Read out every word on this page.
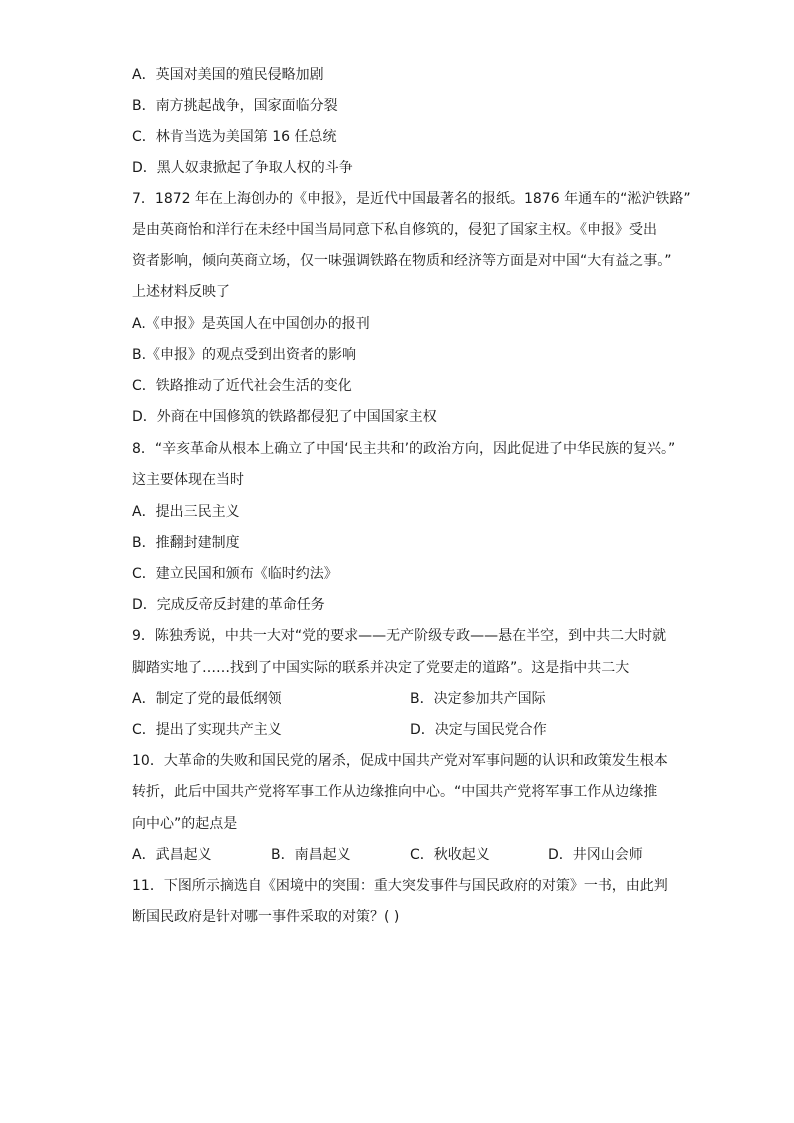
A．英国对美国的殖民侵略加剧
B．南方挑起战争，国家面临分裂
C．林肯当选为美国第 16 任总统
D．黑人奴隶掀起了争取人权的斗争
7．1872 年在上海创办的《申报》，是近代中国最著名的报纸。1876 年通车的“淞沪铁路”
是由英商怡和洋行在未经中国当局同意下私自修筑的，侵犯了国家主权。《申报》受出
资者影响，倾向英商立场，仅一味强调铁路在物质和经济等方面是对中国“大有益之事。”
上述材料反映了
A.《申报》是英国人在中国创办的报刊
B.《申报》的观点受到出资者的影响
C．铁路推动了近代社会生活的变化
D．外商在中国修筑的铁路都侵犯了中国国家主权
8．“辛亥革命从根本上确立了中国‘民主共和’的政治方向，因此促进了中华民族的复兴。”
这主要体现在当时
A．提出三民主义
B．推翻封建制度
C．建立民国和颁布《临时约法》
D．完成反帝反封建的革命任务
9．陈独秀说，中共一大对“党的要求——无产阶级专政——悬在半空，到中共二大时就
脚踏实地了……找到了中国实际的联系并决定了党要走的道路”。这是指中共二大
A．制定了党的最低纲领	B．决定参加共产国际
C．提出了实现共产主义	D．决定与国民党合作
10．大革命的失败和国民党的屠杀，促成中国共产党对军事问题的认识和政策发生根本
转折，此后中国共产党将军事工作从边缘推向中心。“中国共产党将军事工作从边缘推
向中心”的起点是
A．武昌起义	B．南昌起义	C．秋收起义	D．井冈山会师
11．下图所示摘选自《困境中的突围：重大突发事件与国民政府的对策》一书，由此判
断国民政府是针对哪一事件采取的对策？( )
